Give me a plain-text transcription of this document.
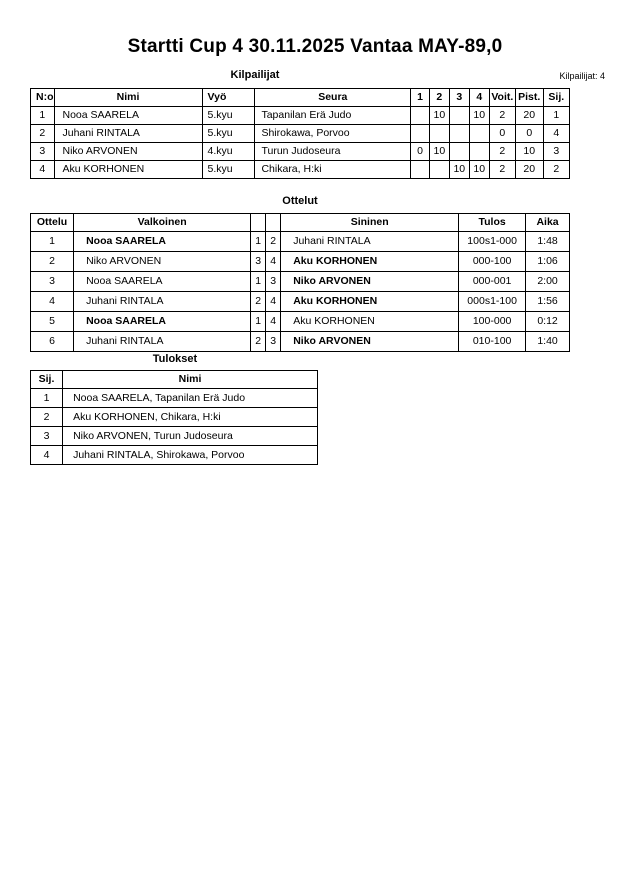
Startti Cup 4 30.11.2025 Vantaa MAY-89,0
Kilpailijat	Kilpailijat: 4
N:o	Nimi	Vyö	Seura	1	2	3	4	Voit.	Pist.	Sij.
1	Nooa SAARELA	5.kyu	Tapanilan Erä Judo		10		10	2	20	1
2	Juhani RINTALA	5.kyu	Shirokawa, Porvoo					0	0	4
3	Niko ARVONEN	4.kyu	Turun Judoseura	0	10			2	10	3
4	Aku KORHONEN	5.kyu	Chikara, H:ki			10	10	2	20	2
Ottelut
Ottelu	Valkoinen			Sininen	Tulos	Aika
1	Nooa SAARELA	1	2	Juhani RINTALA	100s1-000	1:48
2	Niko ARVONEN	3	4	Aku KORHONEN	000-100	1:06
3	Nooa SAARELA	1	3	Niko ARVONEN	000-001	2:00
4	Juhani RINTALA	2	4	Aku KORHONEN	000s1-100	1:56
5	Nooa SAARELA	1	4	Aku KORHONEN	100-000	0:12
6	Juhani RINTALA	2	3	Niko ARVONEN	010-100	1:40
Tulokset
Sij.	Nimi
1	Nooa SAARELA, Tapanilan Erä Judo
2	Aku KORHONEN, Chikara, H:ki
3	Niko ARVONEN, Turun Judoseura
4	Juhani RINTALA, Shirokawa, Porvoo
